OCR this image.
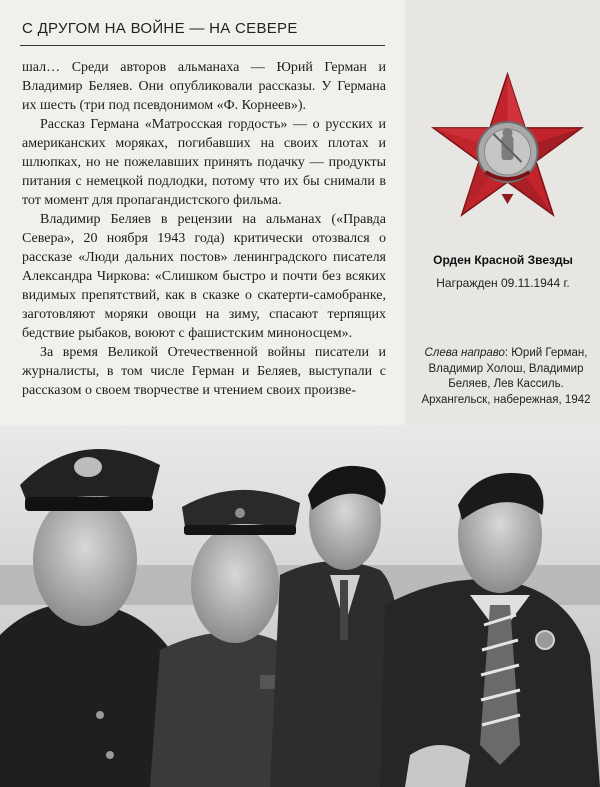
С ДРУГОМ НА ВОЙНЕ — НА СЕВЕРЕ

шал… Среди авторов альманаха — Юрий Герман и Владимир Беляев. Они опубликовали рассказы. У Германа их шесть (три под псевдонимом «Ф. Корнеев»).

Рассказ Германа «Матросская гордость» — о русских и американских моряках, погибавших на своих плотах и шлюпках, но не пожелавших принять подачку — продукты питания с немецкой подлодки, потому что их бы снимали в тот момент для пропагандистского фильма.

Владимир Беляев в рецензии на альманах («Правда Севера», 20 ноября 1943 года) критически отозвался о рассказе «Люди дальних постов» ленинградского писателя Александра Чиркова: «Слишком быстро и почти без всяких видимых препятствий, как в сказке о скатерти-самобранке, заготовляют моряки овощи на зиму, спасают терпящих бедствие рыбаков, воюют с фашистским миноносцем».

За время Великой Отечественной войны писатели и журналисты, в том числе Герман и Беляев, выступали с рассказом о своем творчестве и чтением своих произве-

Орден Красной Звезды
Награжден 09.11.1944 г.
Слева направо: Юрий Герман, Владимир Холош, Владимир Беляев, Лев Кассиль. Архангельск, набережная, 1942
